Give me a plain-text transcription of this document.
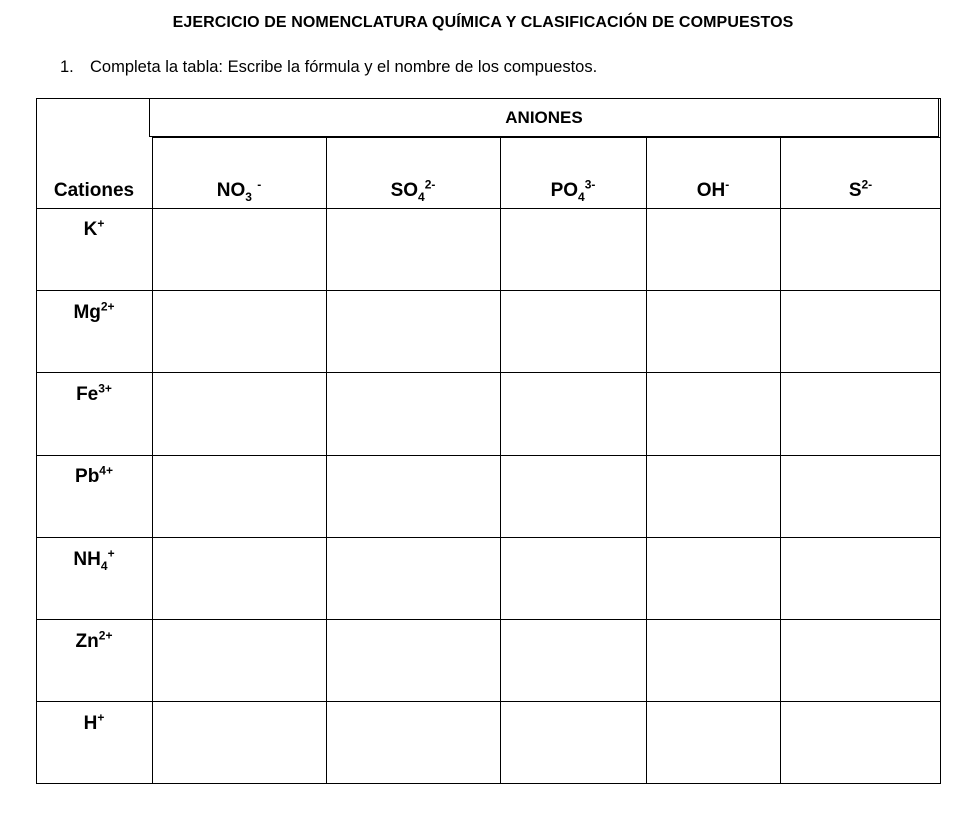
EJERCICIO DE NOMENCLATURA QUÍMICA Y CLASIFICACIÓN DE COMPUESTOS
1. Completa la tabla: Escribe la fórmula y el nombre de los compuestos.
ANIONES
Cationes	$NO_3$ -	$SO_4^{2-}$	$PO_4^{3-}$	OH-	$S^{2-}$
K+
$Mg^{2+}$
$Fe^{3+}$
$Pb^{4+}$
$NH_4^+$
$Zn^{2+}$
H+
